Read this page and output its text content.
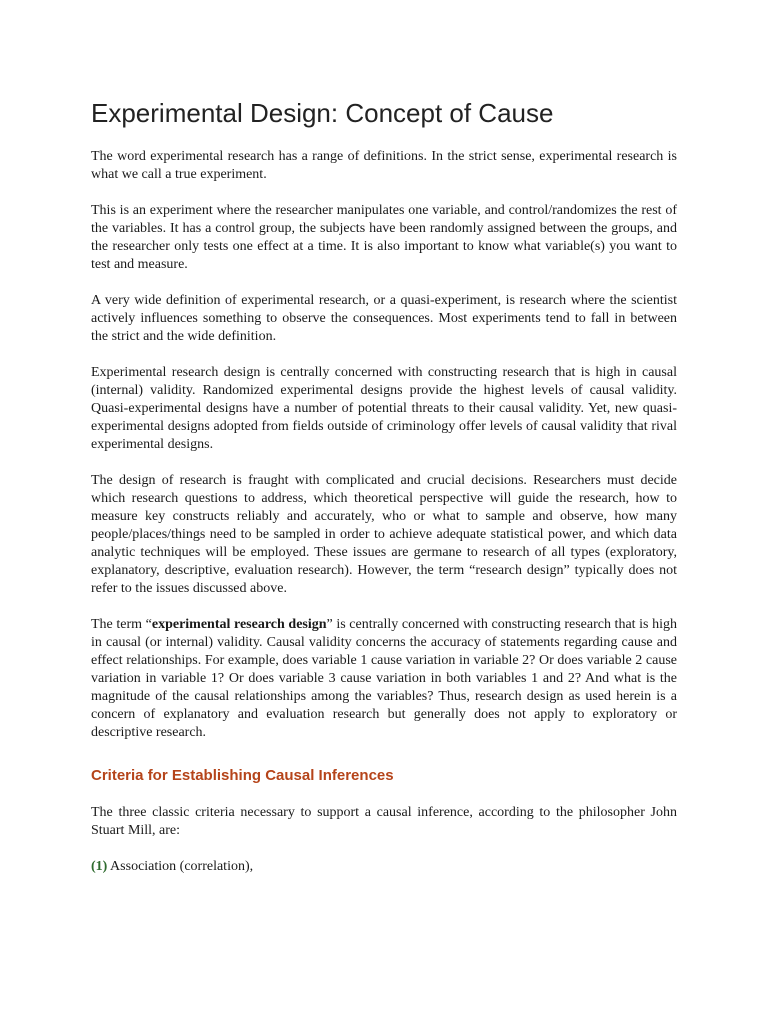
Experimental Design: Concept of Cause

The word experimental research has a range of definitions. In the strict sense, experimental research is what we call a true experiment.

This is an experiment where the researcher manipulates one variable, and control/randomizes the rest of the variables. It has a control group, the subjects have been randomly assigned between the groups, and the researcher only tests one effect at a time. It is also important to know what variable(s) you want to test and measure.

A very wide definition of experimental research, or a quasi-experiment, is research where the scientist actively influences something to observe the consequences. Most experiments tend to fall in between the strict and the wide definition.

Experimental research design is centrally concerned with constructing research that is high in causal (internal) validity. Randomized experimental designs provide the highest levels of causal validity. Quasi-experimental designs have a number of potential threats to their causal validity. Yet, new quasi-experimental designs adopted from fields outside of criminology offer levels of causal validity that rival experimental designs.

The design of research is fraught with complicated and crucial decisions. Researchers must decide which research questions to address, which theoretical perspective will guide the research, how to measure key constructs reliably and accurately, who or what to sample and observe, how many people/places/things need to be sampled in order to achieve adequate statistical power, and which data analytic techniques will be employed. These issues are germane to research of all types (exploratory, explanatory, descriptive, evaluation research). However, the term “research design” typically does not refer to the issues discussed above.

The term “experimental research design” is centrally concerned with constructing research that is high in causal (or internal) validity. Causal validity concerns the accuracy of statements regarding cause and effect relationships. For example, does variable 1 cause variation in variable 2? Or does variable 2 cause variation in variable 1? Or does variable 3 cause variation in both variables 1 and 2? And what is the magnitude of the causal relationships among the variables? Thus, research design as used herein is a concern of explanatory and evaluation research but generally does not apply to exploratory or descriptive research.

Criteria for Establishing Causal Inferences

The three classic criteria necessary to support a causal inference, according to the philosopher John Stuart Mill, are:

(1) Association (correlation),
